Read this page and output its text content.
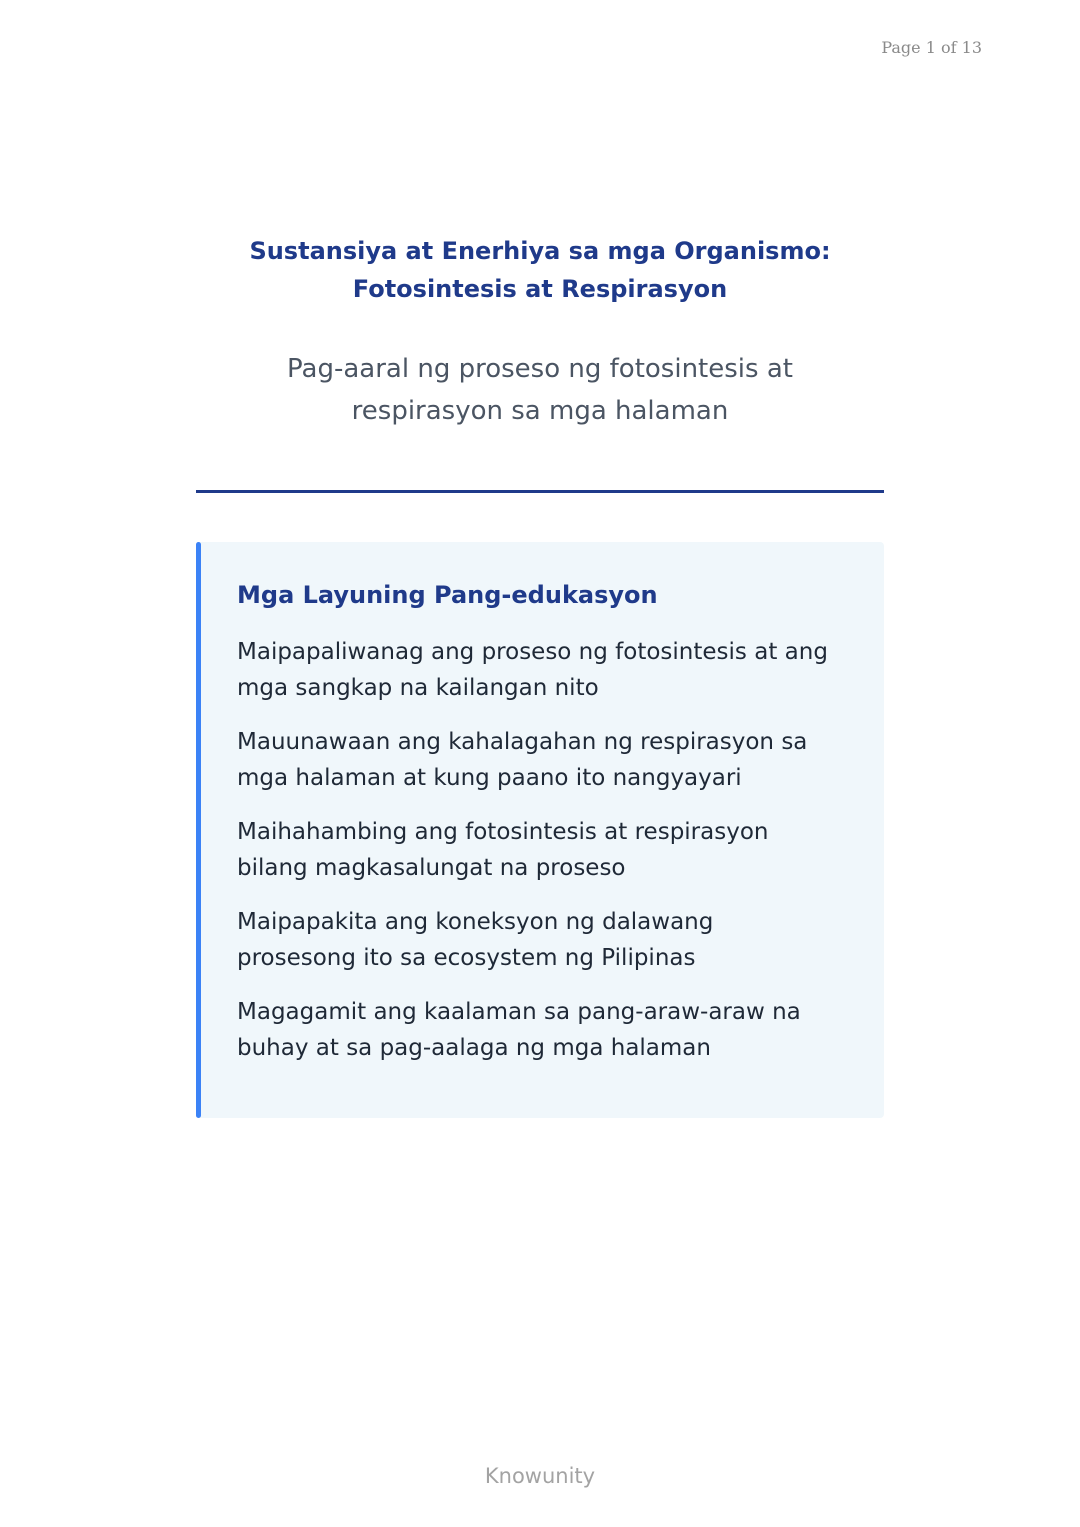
Page 1 of 13
Sustansiya at Enerhiya sa mga Organismo:
Fotosintesis at Respirasyon
Pag-aaral ng proseso ng fotosintesis at
respirasyon sa mga halaman
Mga Layuning Pang-edukasyon
Maipapaliwanag ang proseso ng fotosintesis at ang
mga sangkap na kailangan nito
Mauunawaan ang kahalagahan ng respirasyon sa
mga halaman at kung paano ito nangyayari
Maihahambing ang fotosintesis at respirasyon
bilang magkasalungat na proseso
Maipapakita ang koneksyon ng dalawang
prosesong ito sa ecosystem ng Pilipinas
Magagamit ang kaalaman sa pang-araw-araw na
buhay at sa pag-aalaga ng mga halaman
Knowunity
